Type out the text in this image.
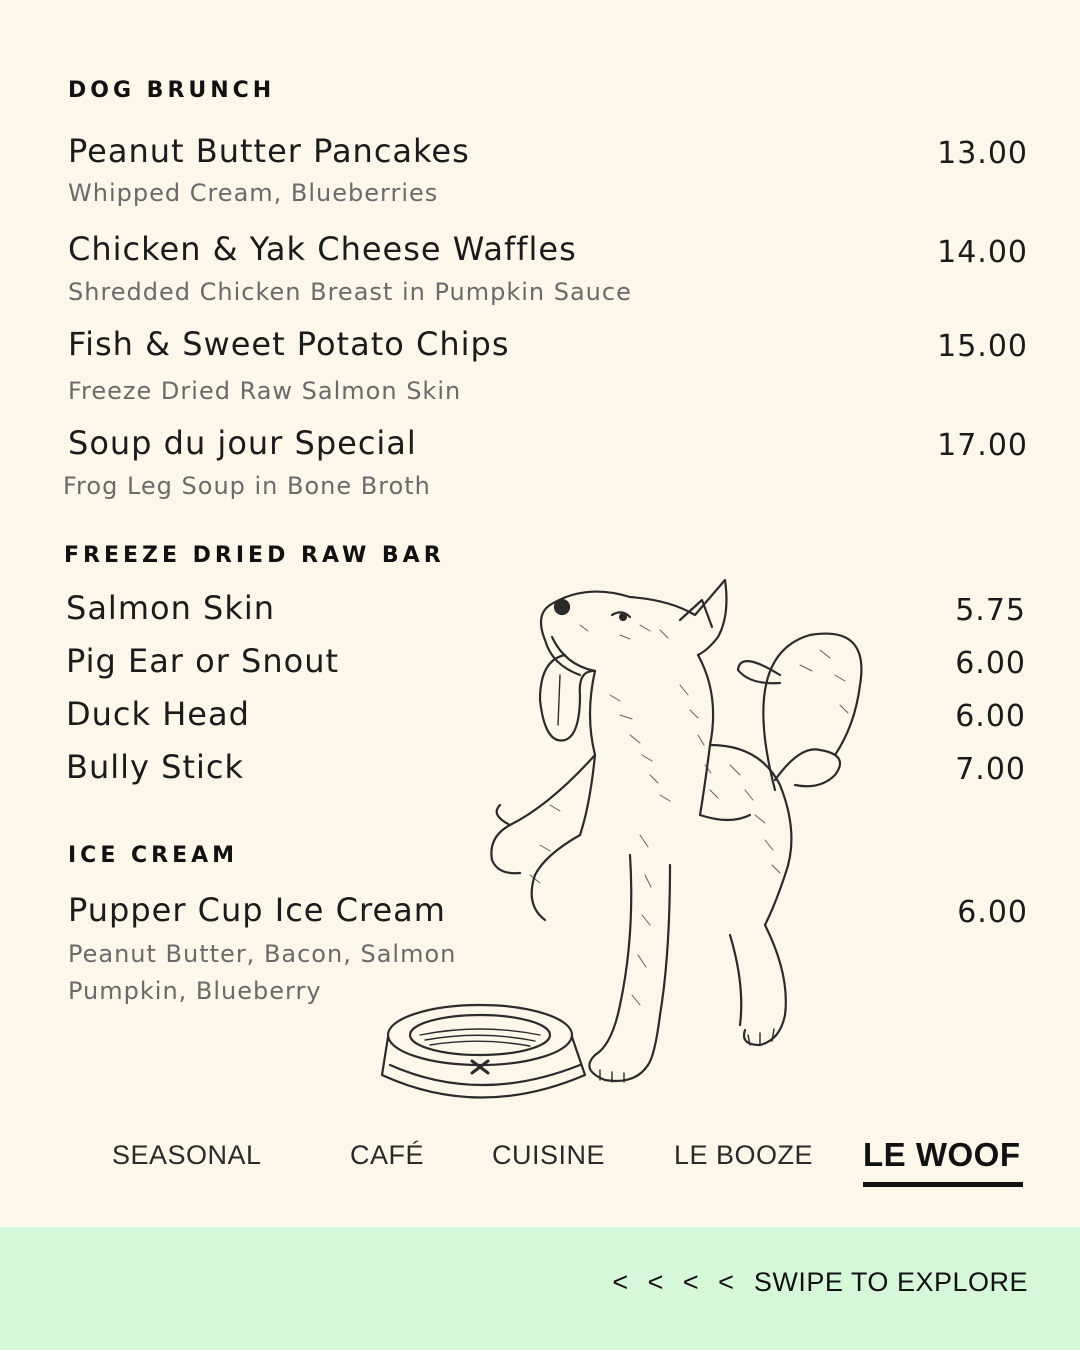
DOG BRUNCH
Peanut Butter Pancakes
Whipped Cream, Blueberries
13.00
Chicken & Yak Cheese Waffles
Shredded Chicken Breast in Pumpkin Sauce
14.00
Fish & Sweet Potato Chips
Freeze Dried Raw Salmon Skin
15.00
Soup du jour Special
Frog Leg Soup in Bone Broth
17.00
FREEZE DRIED RAW BAR
Salmon Skin	5.75
Pig Ear or Snout	6.00
Duck Head	6.00
Bully Stick	7.00
ICE CREAM
Pupper Cup Ice Cream
Peanut Butter, Bacon, Salmon
Pumpkin, Blueberry
6.00
SEASONAL	CAFÉ	CUISINE	LE BOOZE LE WOOF
< < < < SWIPE TO EXPLORE
